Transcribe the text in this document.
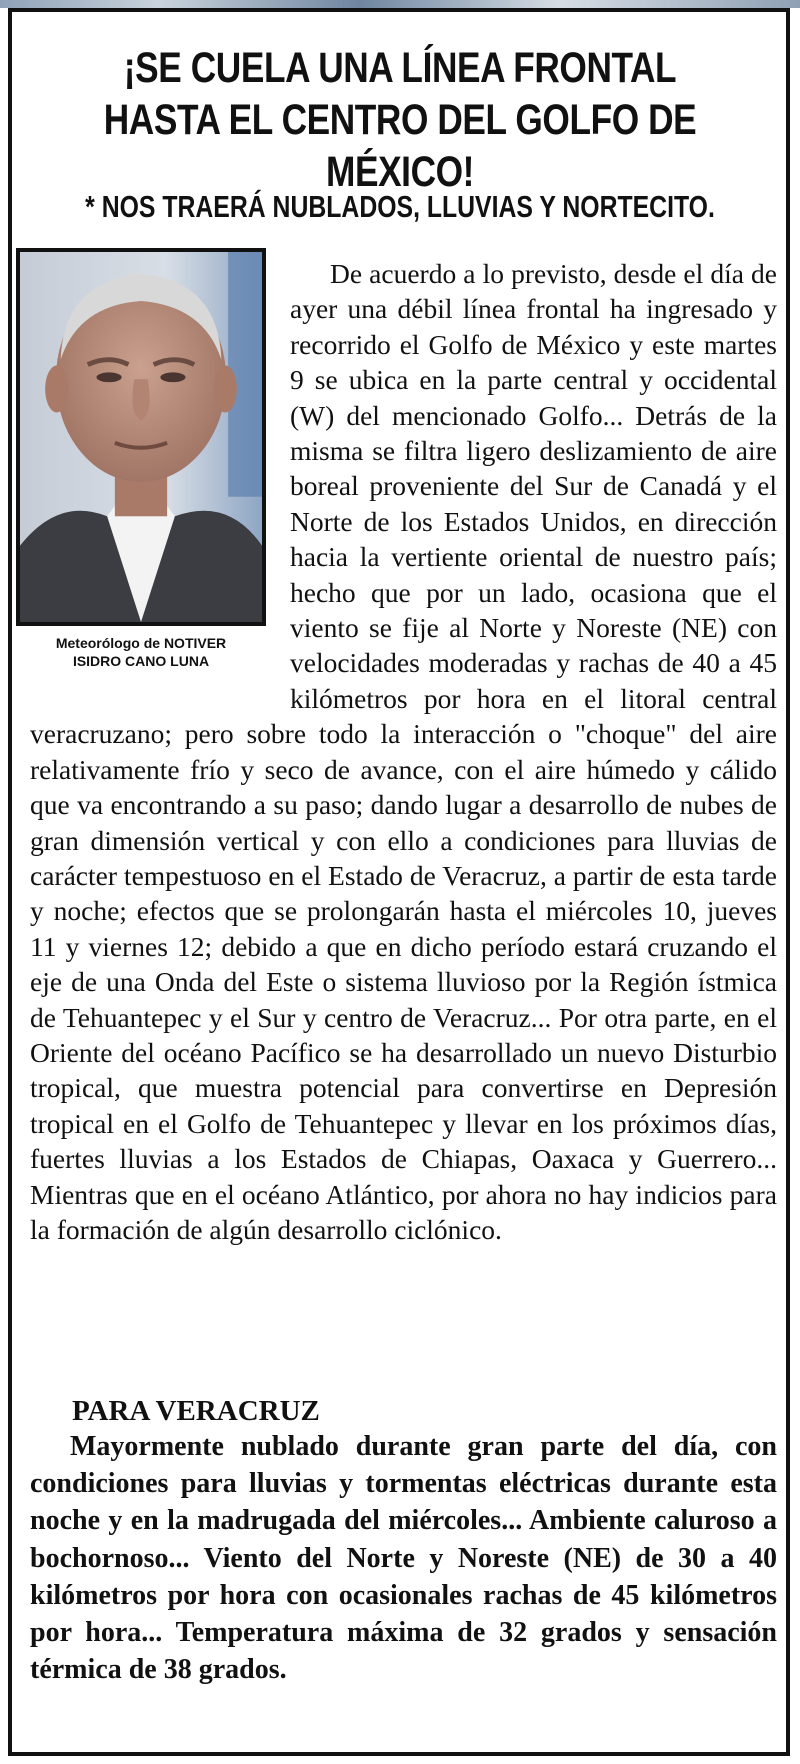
¡SE CUELA UNA LÍNEA FRONTAL HASTA EL CENTRO DEL GOLFO DE MÉXICO!
* NOS TRAERÁ NUBLADOS, LLUVIAS Y NORTECITO.
Meteorólogo de NOTIVER
ISIDRO CANO LUNA
De acuerdo a lo previsto, desde el día de ayer una débil línea frontal ha ingresado y recorrido el Golfo de México y este martes 9 se ubica en la parte central y occidental (W) del mencionado Golfo... Detrás de la misma se filtra ligero deslizamiento de aire boreal proveniente del Sur de Canadá y el Norte de los Estados Unidos, en dirección hacia la vertiente oriental de nuestro país; hecho que por un lado, ocasiona que el viento se fije al Norte y Noreste (NE) con velocidades moderadas y rachas de 40 a 45 kilómetros por hora en el litoral central veracruzano; pero sobre todo la interacción o "choque" del aire relativamente frío y seco de avance, con el aire húmedo y cálido que va encontrando a su paso; dando lugar a desarrollo de nubes de gran dimensión vertical y con ello a condiciones para lluvias de carácter tempestuoso en el Estado de Veracruz, a partir de esta tarde y noche; efectos que se prolongarán hasta el miércoles 10, jueves 11 y viernes 12; debido a que en dicho período estará cruzando el eje de una Onda del Este o sistema lluvioso por la Región ístmica de Tehuantepec y el Sur y centro de Veracruz... Por otra parte, en el Oriente del océano Pacífico se ha desarrollado un nuevo Disturbio tropical, que muestra potencial para convertirse en Depresión tropical en el Golfo de Tehuantepec y llevar en los próximos días, fuertes lluvias a los Estados de Chiapas, Oaxaca y Guerrero... Mientras que en el océano Atlántico, por ahora no hay indicios para la formación de algún desarrollo ciclónico.
PARA VERACRUZ

Mayormente nublado durante gran parte del día, con condiciones para lluvias y tormentas eléctricas durante esta noche y en la madrugada del miércoles... Ambiente caluroso a bochornoso... Viento del Norte y Noreste (NE) de 30 a 40 kilómetros por hora con ocasionales rachas de 45 kilómetros por hora... Temperatura máxima de 32 grados y sensación térmica de 38 grados.
